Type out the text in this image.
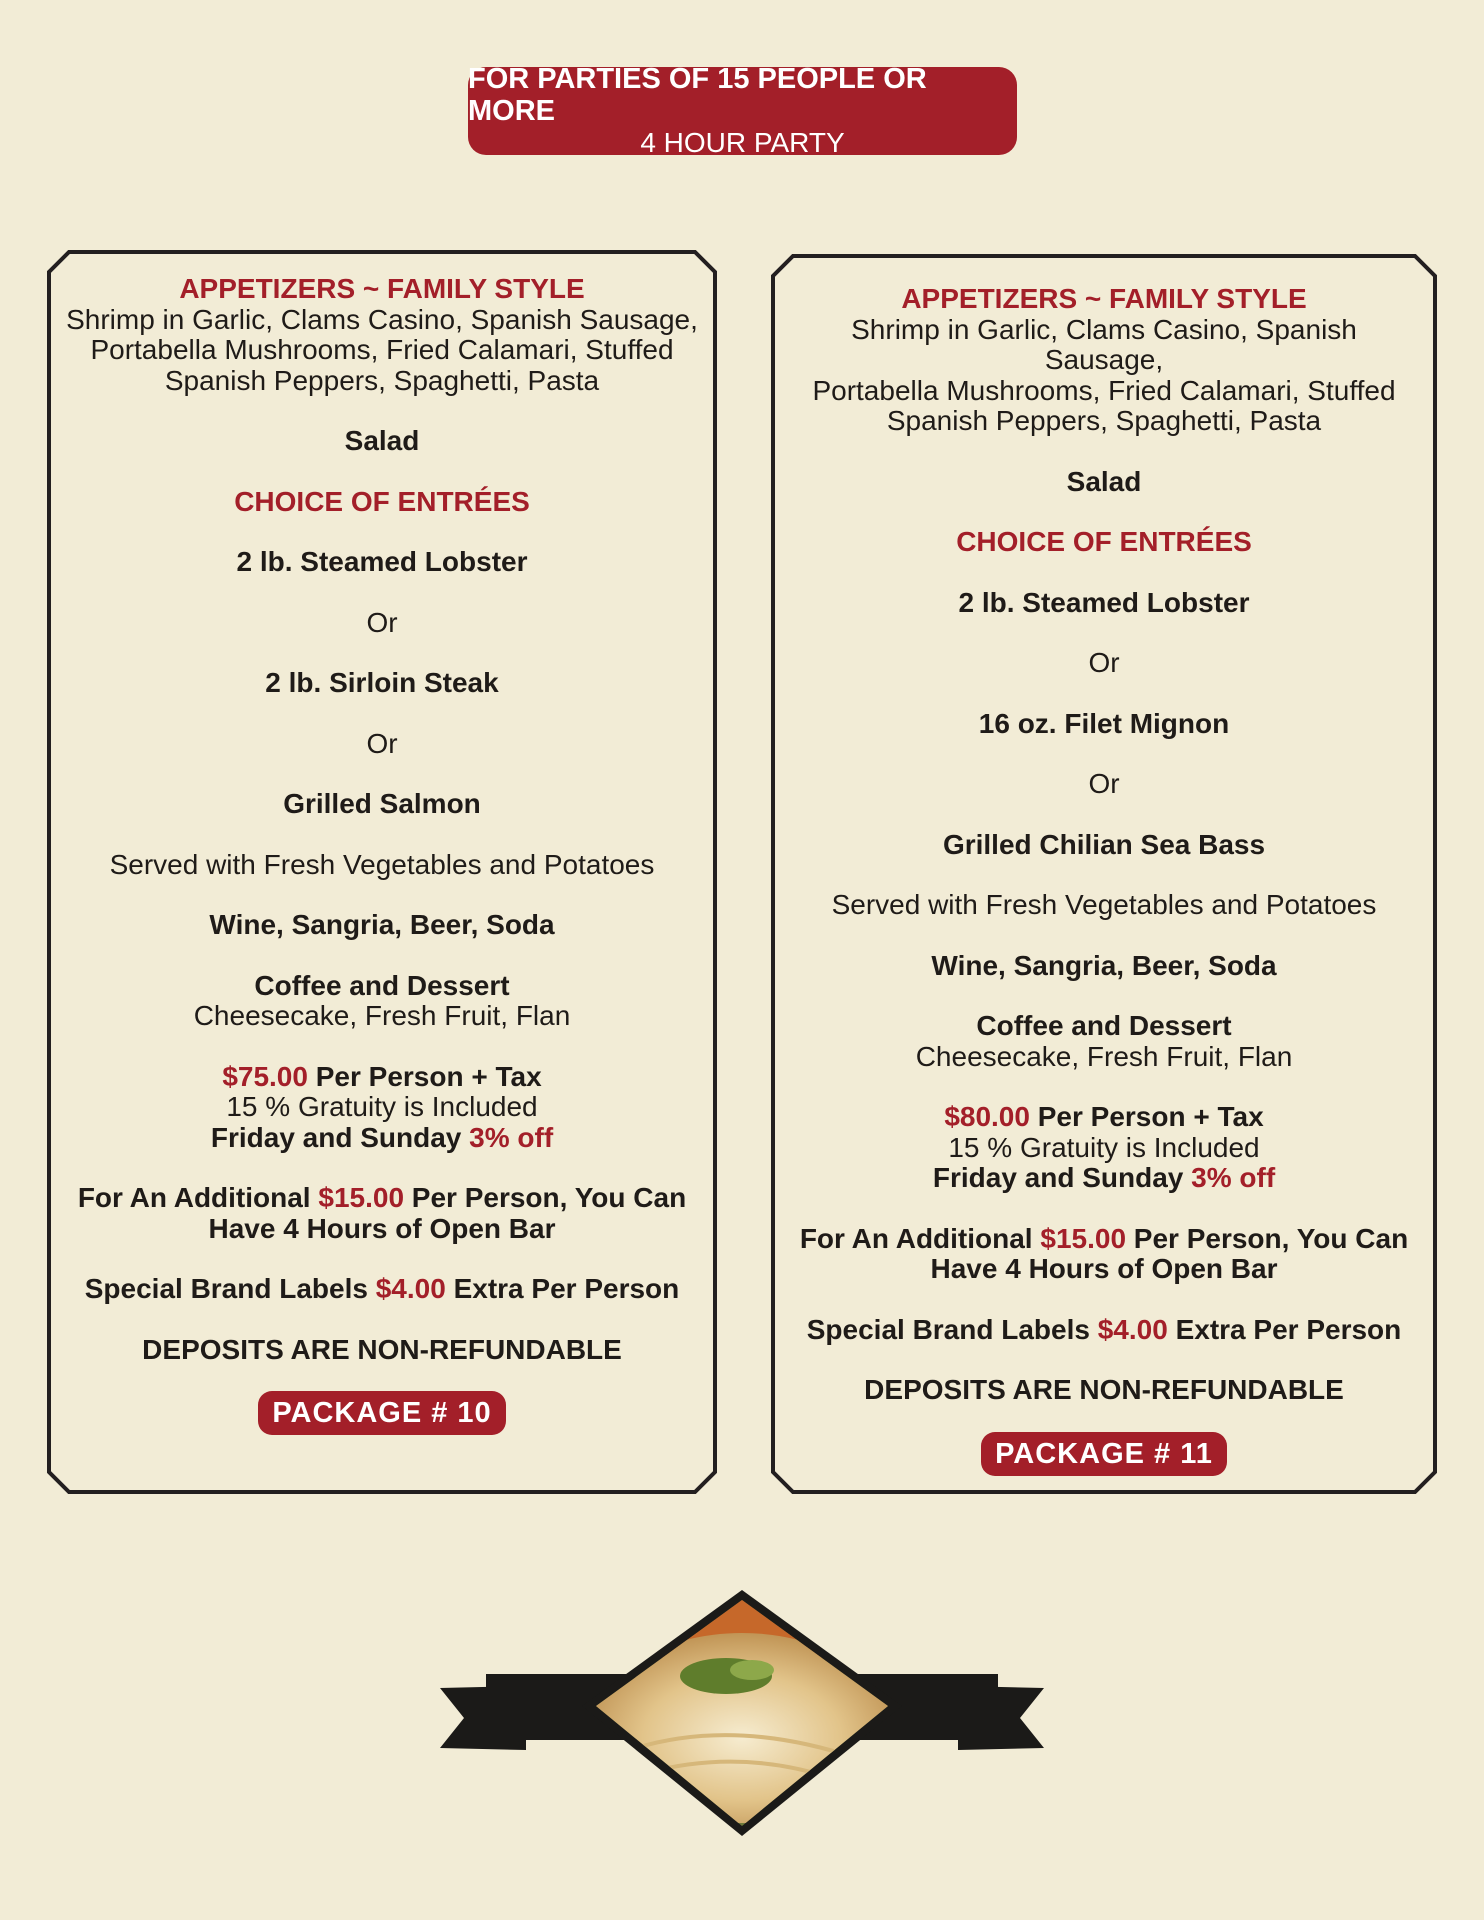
FOR PARTIES OF 15 PEOPLE OR MORE
4 HOUR PARTY
APPETIZERS ~ FAMILY STYLE
Shrimp in Garlic, Clams Casino, Spanish Sausage,
Portabella Mushrooms, Fried Calamari, Stuffed
Spanish Peppers, Spaghetti, Pasta
Salad
CHOICE OF ENTRÉES
2 lb. Steamed Lobster
Or
2 lb. Sirloin Steak
Or
Grilled Salmon
Served with Fresh Vegetables and Potatoes
Wine, Sangria, Beer, Soda
Coffee and Dessert
Cheesecake, Fresh Fruit, Flan
$75.00 Per Person + Tax
15 % Gratuity is Included
Friday and Sunday 3% off
For An Additional $15.00 Per Person, You Can
Have 4 Hours of Open Bar
Special Brand Labels $4.00 Extra Per Person
DEPOSITS ARE NON-REFUNDABLE
PACKAGE # 10
APPETIZERS ~ FAMILY STYLE
Shrimp in Garlic, Clams Casino, Spanish Sausage,
Portabella Mushrooms, Fried Calamari, Stuffed
Spanish Peppers, Spaghetti, Pasta
Salad
CHOICE OF ENTRÉES
2 lb. Steamed Lobster
Or
16 oz. Filet Mignon
Or
Grilled Chilian Sea Bass
Served with Fresh Vegetables and Potatoes
Wine, Sangria, Beer, Soda
Coffee and Dessert
Cheesecake, Fresh Fruit, Flan
$80.00 Per Person + Tax
15 % Gratuity is Included
Friday and Sunday 3% off
For An Additional $15.00 Per Person, You Can
Have 4 Hours of Open Bar
Special Brand Labels $4.00 Extra Per Person
DEPOSITS ARE NON-REFUNDABLE
PACKAGE # 11
